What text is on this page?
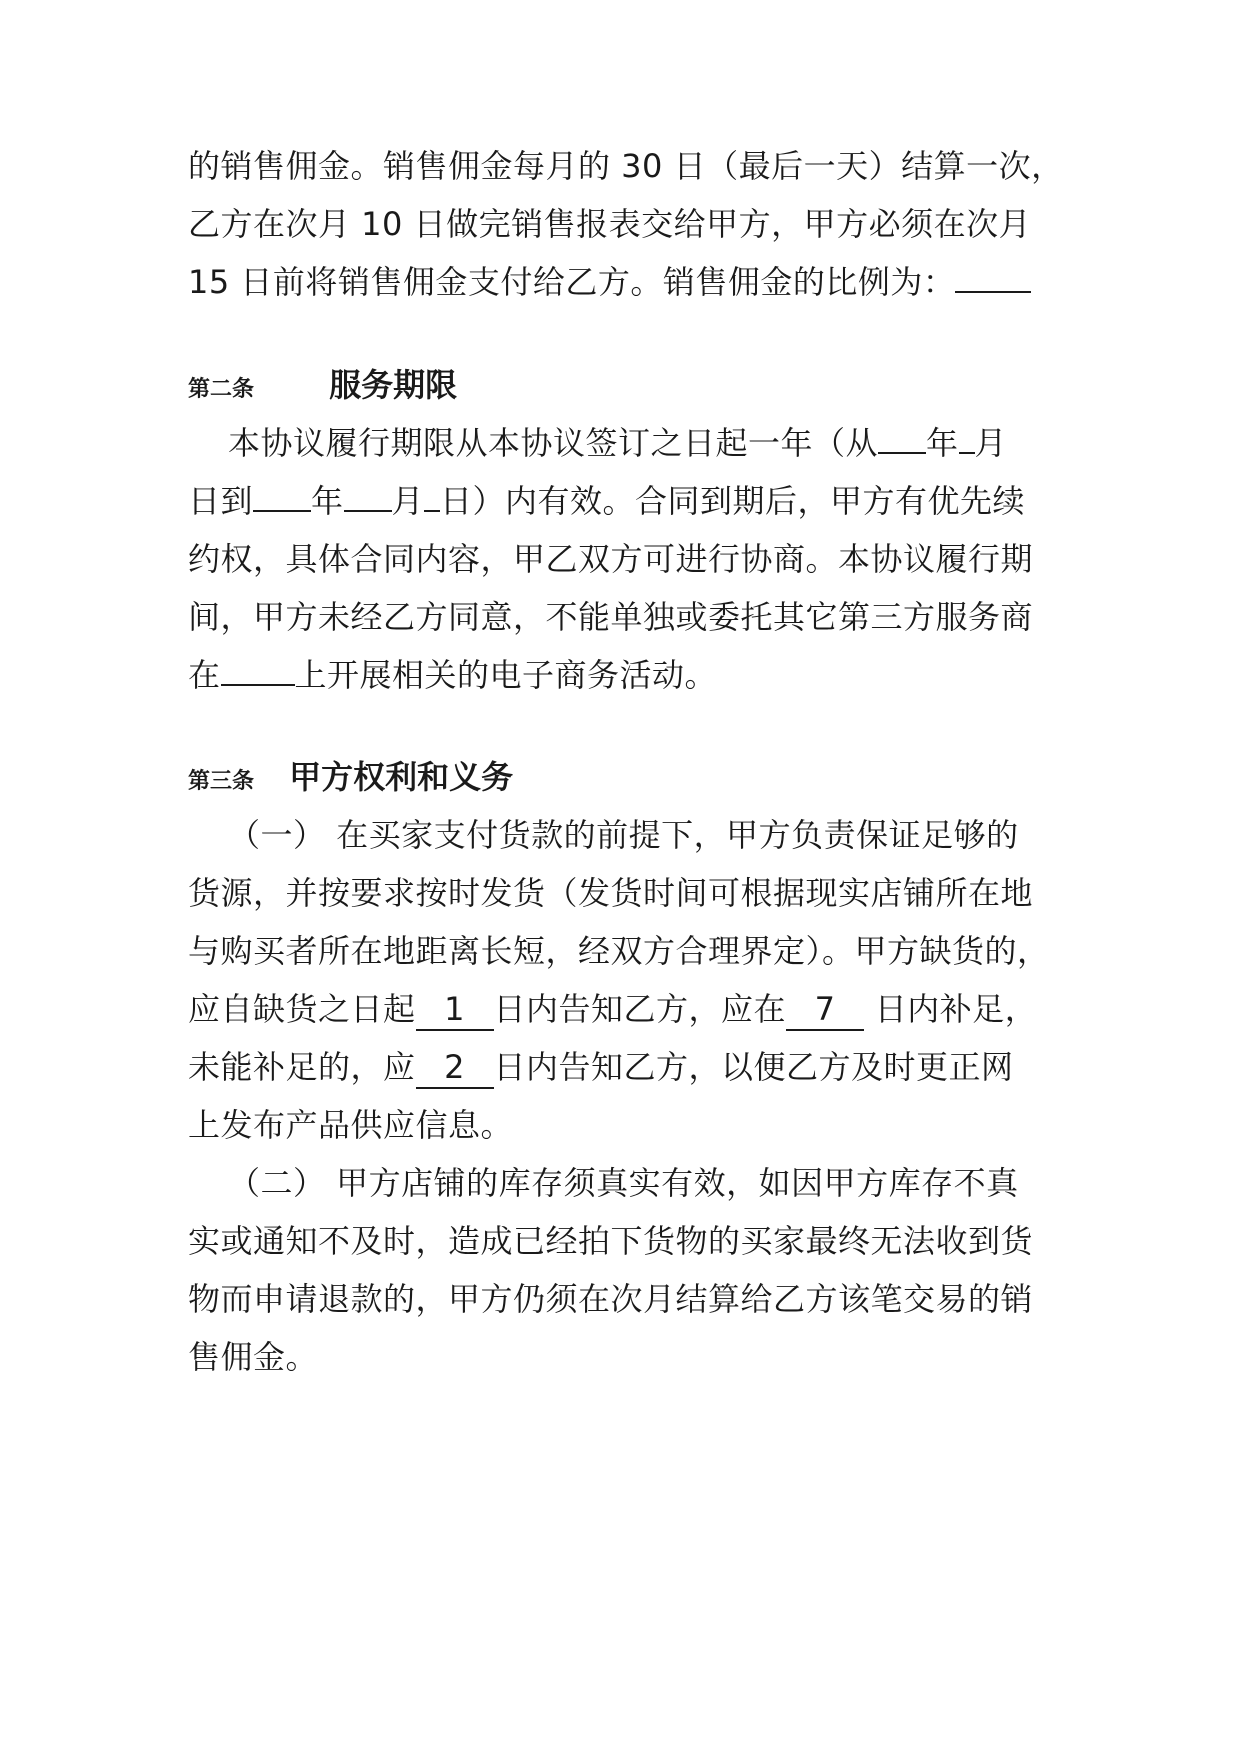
的销售佣金。销售佣金每月的 30 日（最后一天）结算一次，
乙方在次月 10 日做完销售报表交给甲方，甲方必须在次月
15 日前将销售佣金支付给乙方。销售佣金的比例为：
第二条 服务期限
本协议履行期限从本协议签订之日起一年（从 年 月
日到 年 月 日）内有效。合同到期后，甲方有优先续
约权，具体合同内容，甲乙双方可进行协商。本协议履行期
间，甲方未经乙方同意，不能单独或委托其它第三方服务商
在 上开展相关的电子商务活动。
第三条 甲方权利和义务
（一） 在买家支付货款的前提下，甲方负责保证足够的
货源，并按要求按时发货（发货时间可根据现实店铺所在地
与购买者所在地距离长短，经双方合理界定）。甲方缺货的，
应自缺货之日起 1 日内告知乙方，应在 7 日内补足，
未能补足的，应 2 日内告知乙方，以便乙方及时更正网
上发布产品供应信息。
（二） 甲方店铺的库存须真实有效，如因甲方库存不真
实或通知不及时，造成已经拍下货物的买家最终无法收到货
物而申请退款的，甲方仍须在次月结算给乙方该笔交易的销
售佣金。
